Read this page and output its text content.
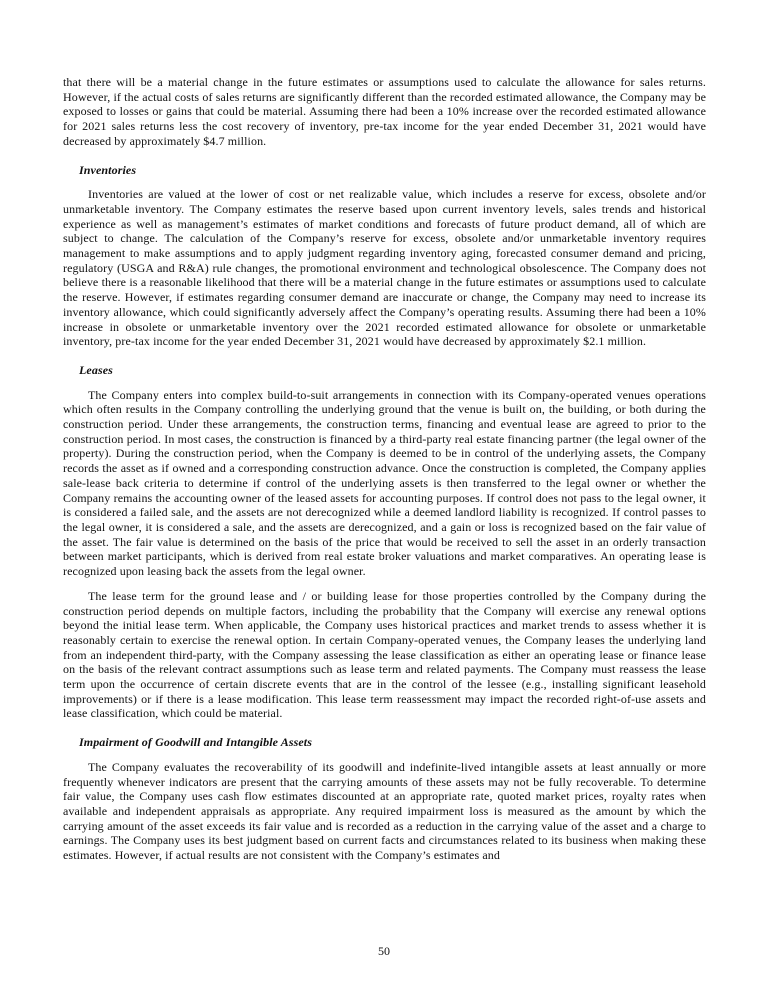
that there will be a material change in the future estimates or assumptions used to calculate the allowance for sales returns. However, if the actual costs of sales returns are significantly different than the recorded estimated allowance, the Company may be exposed to losses or gains that could be material. Assuming there had been a 10% increase over the recorded estimated allowance for 2021 sales returns less the cost recovery of inventory, pre-tax income for the year ended December 31, 2021 would have decreased by approximately $4.7 million.

Inventories

Inventories are valued at the lower of cost or net realizable value, which includes a reserve for excess, obsolete and/or unmarketable inventory. The Company estimates the reserve based upon current inventory levels, sales trends and historical experience as well as management’s estimates of market conditions and forecasts of future product demand, all of which are subject to change. The calculation of the Company’s reserve for excess, obsolete and/or unmarketable inventory requires management to make assumptions and to apply judgment regarding inventory aging, forecasted consumer demand and pricing, regulatory (USGA and R&A) rule changes, the promotional environment and technological obsolescence. The Company does not believe there is a reasonable likelihood that there will be a material change in the future estimates or assumptions used to calculate the reserve. However, if estimates regarding consumer demand are inaccurate or change, the Company may need to increase its inventory allowance, which could significantly adversely affect the Company’s operating results. Assuming there had been a 10% increase in obsolete or unmarketable inventory over the 2021 recorded estimated allowance for obsolete or unmarketable inventory, pre-tax income for the year ended December 31, 2021 would have decreased by approximately $2.1 million.

Leases

The Company enters into complex build-to-suit arrangements in connection with its Company-operated venues operations which often results in the Company controlling the underlying ground that the venue is built on, the building, or both during the construction period. Under these arrangements, the construction terms, financing and eventual lease are agreed to prior to the construction period. In most cases, the construction is financed by a third-party real estate financing partner (the legal owner of the property). During the construction period, when the Company is deemed to be in control of the underlying assets, the Company records the asset as if owned and a corresponding construction advance. Once the construction is completed, the Company applies sale-lease back criteria to determine if control of the underlying assets is then transferred to the legal owner or whether the Company remains the accounting owner of the leased assets for accounting purposes. If control does not pass to the legal owner, it is considered a failed sale, and the assets are not derecognized while a deemed landlord liability is recognized. If control passes to the legal owner, it is considered a sale, and the assets are derecognized, and a gain or loss is recognized based on the fair value of the asset. The fair value is determined on the basis of the price that would be received to sell the asset in an orderly transaction between market participants, which is derived from real estate broker valuations and market comparatives. An operating lease is recognized upon leasing back the assets from the legal owner.

The lease term for the ground lease and / or building lease for those properties controlled by the Company during the construction period depends on multiple factors, including the probability that the Company will exercise any renewal options beyond the initial lease term. When applicable, the Company uses historical practices and market trends to assess whether it is reasonably certain to exercise the renewal option. In certain Company-operated venues, the Company leases the underlying land from an independent third-party, with the Company assessing the lease classification as either an operating lease or finance lease on the basis of the relevant contract assumptions such as lease term and related payments. The Company must reassess the lease term upon the occurrence of certain discrete events that are in the control of the lessee (e.g., installing significant leasehold improvements) or if there is a lease modification. This lease term reassessment may impact the recorded right-of-use assets and lease classification, which could be material.

Impairment of Goodwill and Intangible Assets

The Company evaluates the recoverability of its goodwill and indefinite-lived intangible assets at least annually or more frequently whenever indicators are present that the carrying amounts of these assets may not be fully recoverable. To determine fair value, the Company uses cash flow estimates discounted at an appropriate rate, quoted market prices, royalty rates when available and independent appraisals as appropriate. Any required impairment loss is measured as the amount by which the carrying amount of the asset exceeds its fair value and is recorded as a reduction in the carrying value of the asset and a charge to earnings. The Company uses its best judgment based on current facts and circumstances related to its business when making these estimates. However, if actual results are not consistent with the Company’s estimates and

50
